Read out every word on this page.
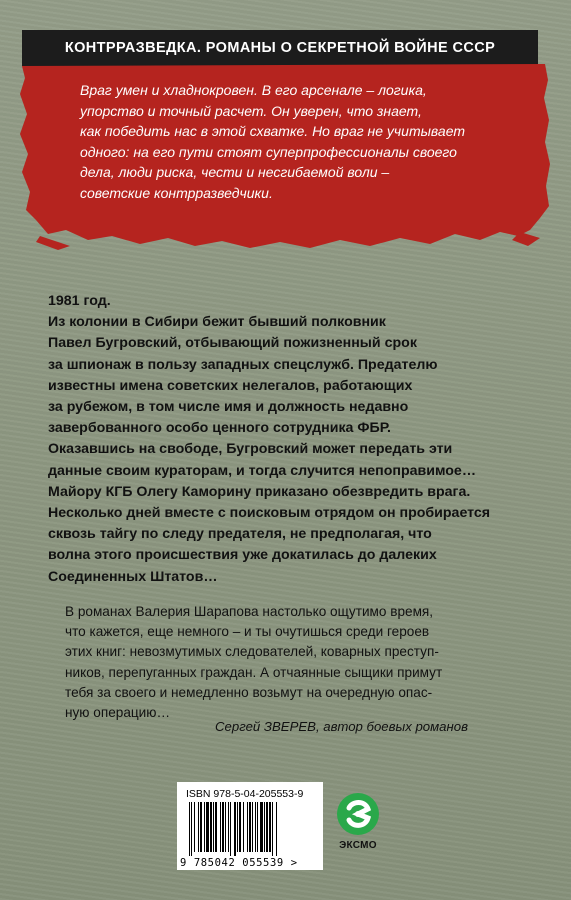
КОНТРРАЗВЕДКА. РОМАНЫ О СЕКРЕТНОЙ ВОЙНЕ СССР
Враг умен и хладнокровен. В его арсенале – логика,
упорство и точный расчет. Он уверен, что знает,
как победить нас в этой схватке. Но враг не учитывает
одного: на его пути стоят суперпрофессионалы своего
дела, люди риска, чести и несгибаемой воли –
советские контрразведчики.
1981 год.
Из колонии в Сибири бежит бывший полковник
Павел Бугровский, отбывающий пожизненный срок
за шпионаж в пользу западных спецслужб. Предателю
известны имена советских нелегалов, работающих
за рубежом, в том числе имя и должность недавно
завербованного особо ценного сотрудника ФБР.
Оказавшись на свободе, Бугровский может передать эти
данные своим кураторам, и тогда случится непоправимое…
Майору КГБ Олегу Каморину приказано обезвредить врага.
Несколько дней вместе с поисковым отрядом он пробирается
сквозь тайгу по следу предателя, не предполагая, что
волна этого происшествия уже докатилась до далеких
Соединенных Штатов…
В романах Валерия Шарапова настолько ощутимо время,
что кажется, еще немного – и ты очутишься среди героев
этих книг: невозмутимых следователей, коварных преступ-
ников, перепуганных граждан. А отчаянные сыщики примут
тебя за своего и немедленно возьмут на очередную опас-
ную операцию…
Сергей ЗВЕРЕВ, автор боевых романов
ISBN 978-5-04-205553-9
9 785042 055539 >
ЭКСМО
